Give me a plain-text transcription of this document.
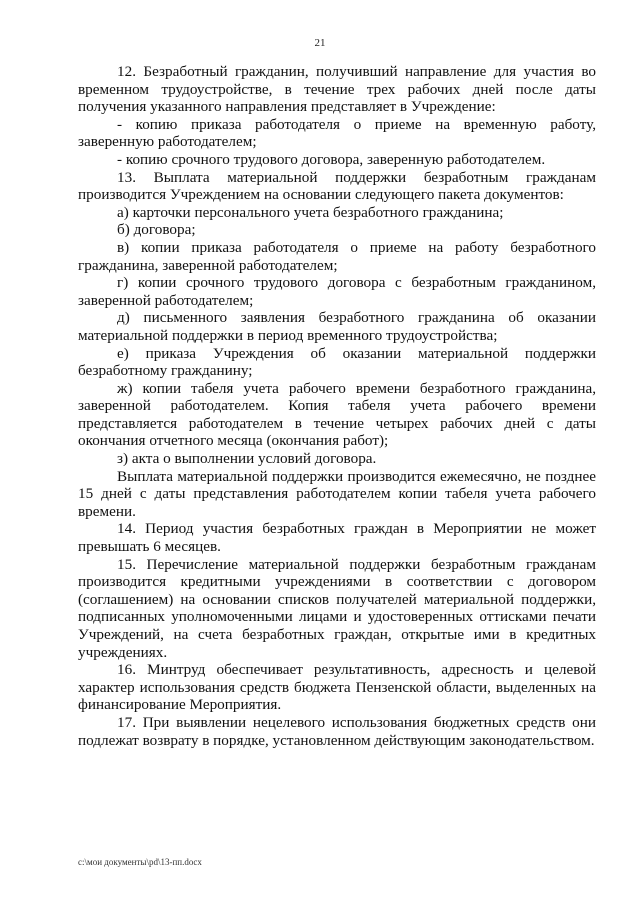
21

12. Безработный гражданин, получивший направление для участия во временном трудоустройстве, в течение трех рабочих дней после даты получения указанного направления представляет в Учреждение:

- копию приказа работодателя о приеме на временную работу, заверенную работодателем;

- копию срочного трудового договора, заверенную работодателем.

13. Выплата материальной поддержки безработным гражданам производится Учреждением на основании следующего пакета документов:

а) карточки персонального учета безработного гражданина;

б) договора;

в) копии приказа работодателя о приеме на работу безработного гражданина, заверенной работодателем;

г) копии срочного трудового договора с безработным гражданином, заверенной работодателем;

д) письменного заявления безработного гражданина об оказании материальной поддержки в период временного трудоустройства;

е) приказа Учреждения об оказании материальной поддержки безработному гражданину;

ж) копии табеля учета рабочего времени безработного гражданина, заверенной работодателем. Копия табеля учета рабочего времени представляется работодателем в течение четырех рабочих дней с даты окончания отчетного месяца (окончания работ);

з) акта о выполнении условий договора.

Выплата материальной поддержки производится ежемесячно, не позднее 15 дней с даты представления работодателем копии табеля учета рабочего времени.

14. Период участия безработных граждан в Мероприятии не может превышать 6 месяцев.

15. Перечисление материальной поддержки безработным гражданам производится кредитными учреждениями в соответствии с договором (соглашением) на основании списков получателей материальной поддержки, подписанных уполномоченными лицами и удостоверенных оттисками печати Учреждений, на счета безработных граждан, открытые ими в кредитных учреждениях.

16. Минтруд обеспечивает результативность, адресность и целевой характер использования средств бюджета Пензенской области, выделенных на финансирование Мероприятия.

17. При выявлении нецелевого использования бюджетных средств они подлежат возврату в порядке, установленном действующим законодательством.

c:\мои документы\pd\13-пп.docx
